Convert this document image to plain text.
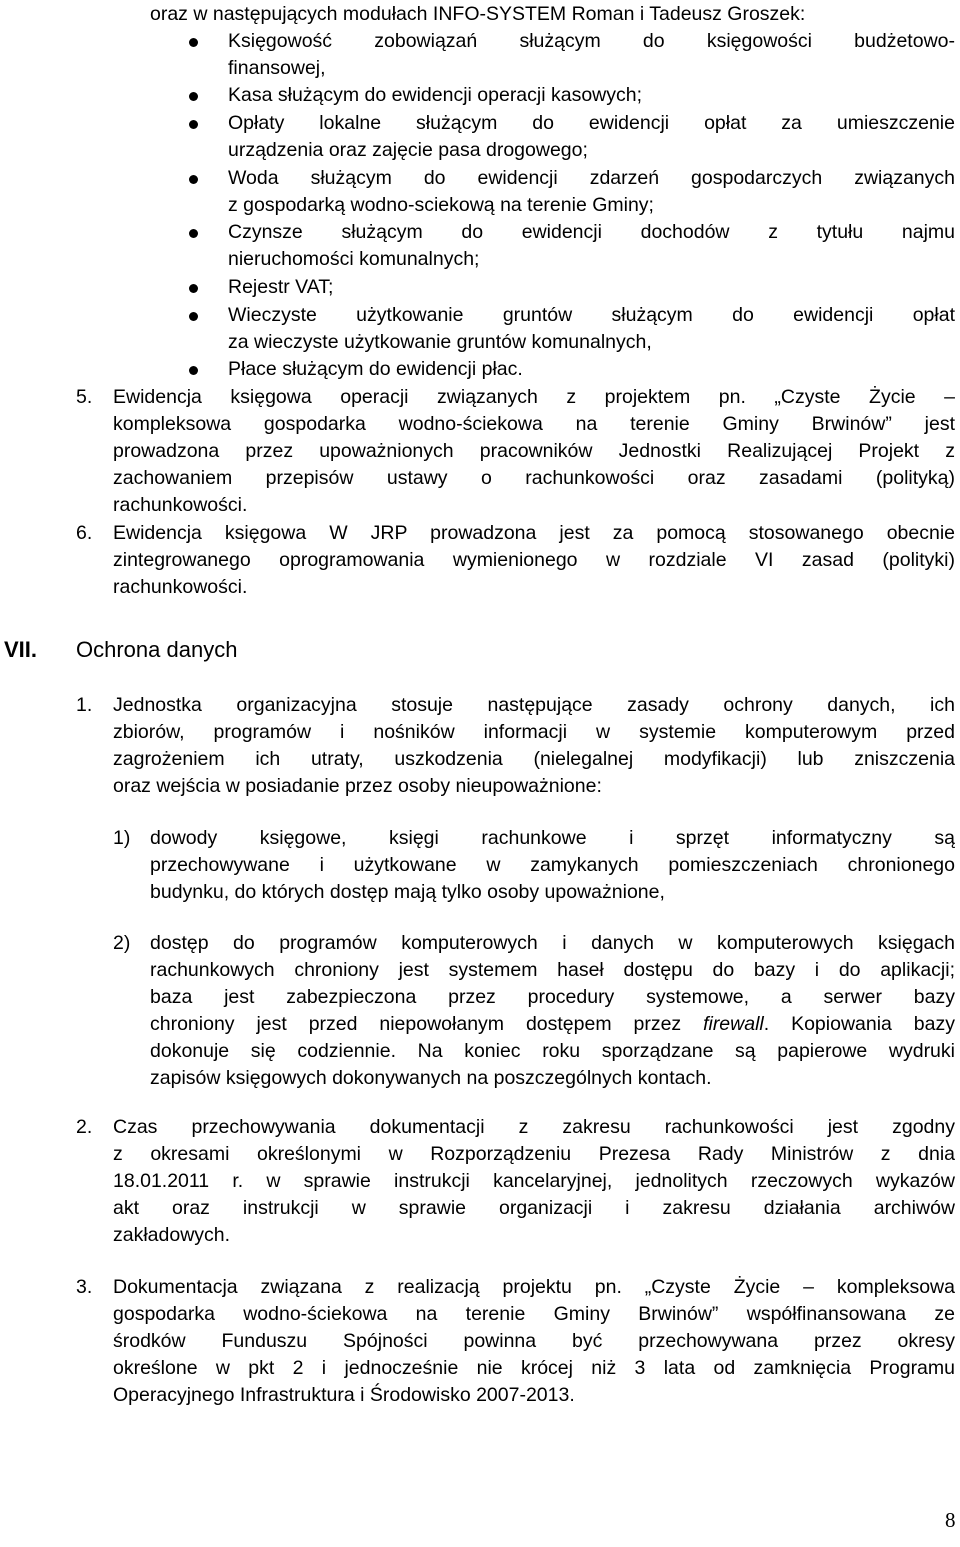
oraz w następujących modułach INFO-SYSTEM Roman i Tadeusz Groszek:
Księgowość zobowiązań służącym do księgowości budżetowo-
finansowej,
Kasa służącym do ewidencji operacji kasowych;
Opłaty lokalne służącym do ewidencji opłat za umieszczenie
urządzenia oraz zajęcie pasa drogowego;
Woda służącym do ewidencji zdarzeń gospodarczych związanych
z gospodarką wodno-sciekową na terenie Gminy;
Czynsze służącym do ewidencji dochodów z tytułu najmu
nieruchomości komunalnych;
Rejestr VAT;
Wieczyste użytkowanie gruntów służącym do ewidencji opłat
za wieczyste użytkowanie gruntów komunalnych,
Płace służącym do ewidencji płac.
5. Ewidencja księgowa operacji związanych z projektem pn. „Czyste Życie –
kompleksowa gospodarka wodno-ściekowa na terenie Gminy Brwinów” jest
prowadzona przez upoważnionych pracowników Jednostki Realizującej Projekt z
zachowaniem przepisów ustawy o rachunkowości oraz zasadami (polityką)
rachunkowości.
6. Ewidencja księgowa W JRP prowadzona jest za pomocą stosowanego obecnie
zintegrowanego oprogramowania wymienionego w rozdziale VI zasad (polityki)
rachunkowości.
VII. Ochrona danych
1. Jednostka organizacyjna stosuje następujące zasady ochrony danych, ich
zbiorów, programów i nośników informacji w systemie komputerowym przed
zagrożeniem ich utraty, uszkodzenia (nielegalnej modyfikacji) lub zniszczenia
oraz wejścia w posiadanie przez osoby nieupoważnione:
1) dowody księgowe, księgi rachunkowe i sprzęt informatyczny są
przechowywane i użytkowane w zamykanych pomieszczeniach chronionego
budynku, do których dostęp mają tylko osoby upoważnione,
2) dostęp do programów komputerowych i danych w komputerowych księgach
rachunkowych chroniony jest systemem haseł dostępu do bazy i do aplikacji;
baza jest zabezpieczona przez procedury systemowe, a serwer bazy
chroniony jest przed niepowołanym dostępem przez firewall. Kopiowania bazy
dokonuje się codziennie. Na koniec roku sporządzane są papierowe wydruki
zapisów księgowych dokonywanych na poszczególnych kontach.
2. Czas przechowywania dokumentacji z zakresu rachunkowości jest zgodny
z okresami określonymi w Rozporządzeniu Prezesa Rady Ministrów z dnia
18.01.2011 r. w sprawie instrukcji kancelaryjnej, jednolitych rzeczowych wykazów
akt oraz instrukcji w sprawie organizacji i zakresu działania archiwów
zakładowych.
3. Dokumentacja związana z realizacją projektu pn. „Czyste Życie – kompleksowa
gospodarka wodno-ściekowa na terenie Gminy Brwinów” współfinansowana ze
środków Funduszu Spójności powinna być przechowywana przez okresy
określone w pkt 2 i jednocześnie nie krócej niż 3 lata od zamknięcia Programu
Operacyjnego Infrastruktura i Środowisko 2007-2013.
8
